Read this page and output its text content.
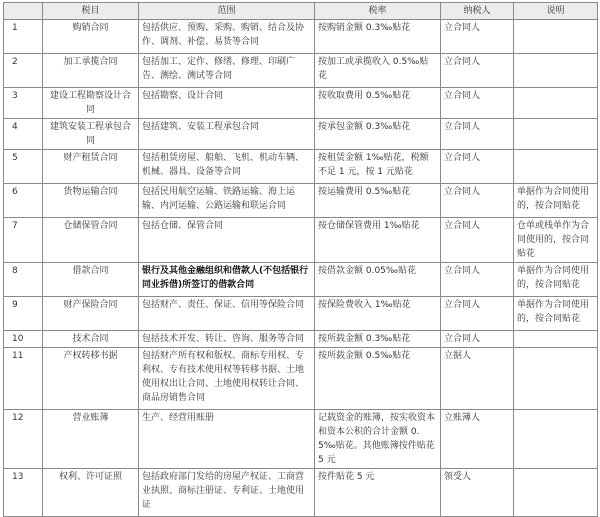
	税目	范围	税率	纳税人	说明
1	购销合同	包括供应、预购、采购、购销、结合及协作、调剂、补偿、易货等合同	按购销金额 0.3‰贴花	立合同人	
2	加工承揽合同	包括加工、定作、修缮、修理、印刷广告、测绘、测试等合同	按加工或承揽收入 0.5‰贴花	立合同人	
3	建设工程勘察设计合同	包括勘察、设计合同	按收取费用 0.5‰贴花	立合同人	
4	建筑安装工程承包合同	包括建筑、安装工程承包合同	按承包金额 0.3‰贴花	立合同人	
5	财产租赁合同	包括租赁房屋、船舶、飞机、机动车辆、机械、器具、设备等合同	按租赁金额 1‰贴花，税额不足 1 元，按 1 元贴花	立合同人	
6	货物运输合同	包括民用航空运输、铁路运输、海上运输、内河运输、公路运输和联运合同	按运输费用 0.5‰贴花	立合同人	单据作为合同使用的，按合同贴花
7	仓储保管合同	包括仓储、保管合同	按仓储保管费用 1‰贴花	立合同人	仓单或栈单作为合同使用的，按合同贴花
8	借款合同	银行及其他金融组织和借款人(不包括银行同业拆借)所签订的借款合同	按借款金额 0.05‰贴花	立合同人	单据作为合同使用的，按合同贴花
9	财产保险合同	包括财产、责任、保证、信用等保险合同	按保险费收入 1‰贴花	立合同人	单据作为合同使用的，按合同贴花
10	技术合同	包括技术开发、转让、咨询、服务等合同	按所载金额 0.3‰贴花	立合同人	
11	产权转移书据	包括财产所有权和版权、商标专用权、专利权、专有技术使用权等转移书据、土地使用权出让合同、土地使用权转让合同、商品房销售合同	按所载金额 0.5‰贴花	立据人	
12	营业账簿	生产、经营用账册	记载资金的账簿，按实收资本和资本公积的合计金额 0.5‰贴花。其他账簿按件贴花 5 元	立账簿人	
13	权利、许可证照	包括政府部门发给的房屋产权证、工商营业执照、商标注册证、专利证、土地使用证	按件贴花 5 元	领受人	
